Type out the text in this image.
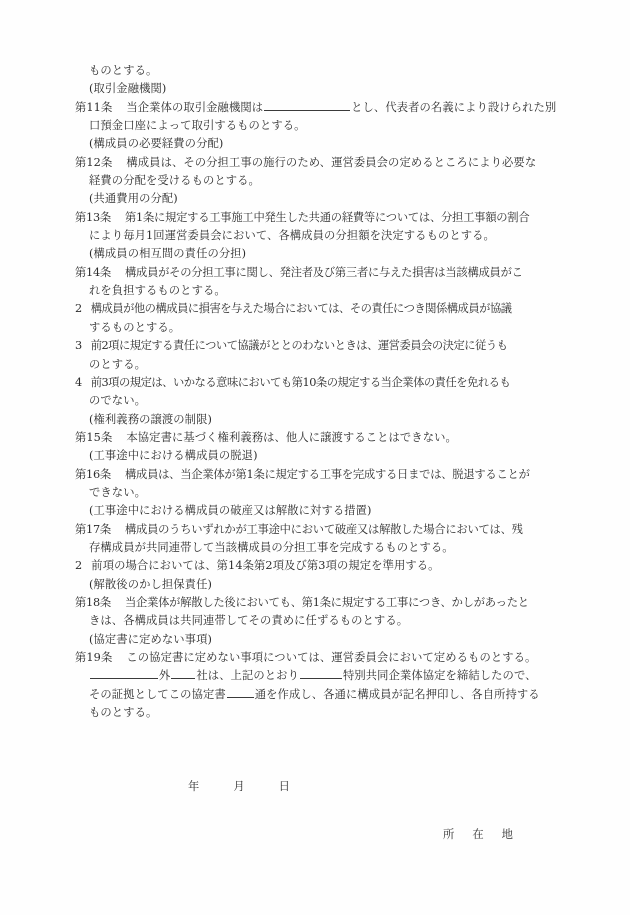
ものとする。
(取引金融機関)
第11条 当企業体の取引金融機関は	とし、代表者の名義により設けられた別
口預金口座によって取引するものとする。
(構成員の必要経費の分配)
第12条 構成員は、その分担工事の施行のため、運営委員会の定めるところにより必要な
経費の分配を受けるものとする。
(共通費用の分配)
第13条 第1条に規定する工事施工中発生した共通の経費等については、分担工事額の割合
により毎月1回運営委員会において、各構成員の分担額を決定するものとする。
(構成員の相互間の責任の分担)
第14条 構成員がその分担工事に関し、発注者及び第三者に与えた損害は当該構成員がこ
れを負担するものとする。
2 構成員が他の構成員に損害を与えた場合においては、その責任につき関係構成員が協議
するものとする。
3 前2項に規定する責任について協議がととのわないときは、運営委員会の決定に従うも
のとする。
4 前3項の規定は、いかなる意味においても第10条の規定する当企業体の責任を免れるも
のでない。
(権利義務の譲渡の制限)
第15条 本協定書に基づく権利義務は、他人に譲渡することはできない。
(工事途中における構成員の脱退)
第16条 構成員は、当企業体が第1条に規定する工事を完成する日までは、脱退することが
できない。
(工事途中における構成員の破産又は解散に対する措置)
第17条 構成員のうちいずれかが工事途中において破産又は解散した場合においては、残
存構成員が共同連帯して当該構成員の分担工事を完成するものとする。
2 前項の場合においては、第14条第2項及び第3項の規定を準用する。
(解散後のかし担保責任)
第18条 当企業体が解散した後においても、第1条に規定する工事につき、かしがあったと
きは、各構成員は共同連帯してその責めに任ずるものとする。
(協定書に定めない事項)
第19条 この協定書に定めない事項については、運営委員会において定めるものとする。
外 社は、上記のとおり	特別共同企業体協定を締結したので、
その証拠としてこの協定書	通を作成し、各通に構成員が記名押印し、各自所持する
ものとする。
年	月	日
所 在 地
